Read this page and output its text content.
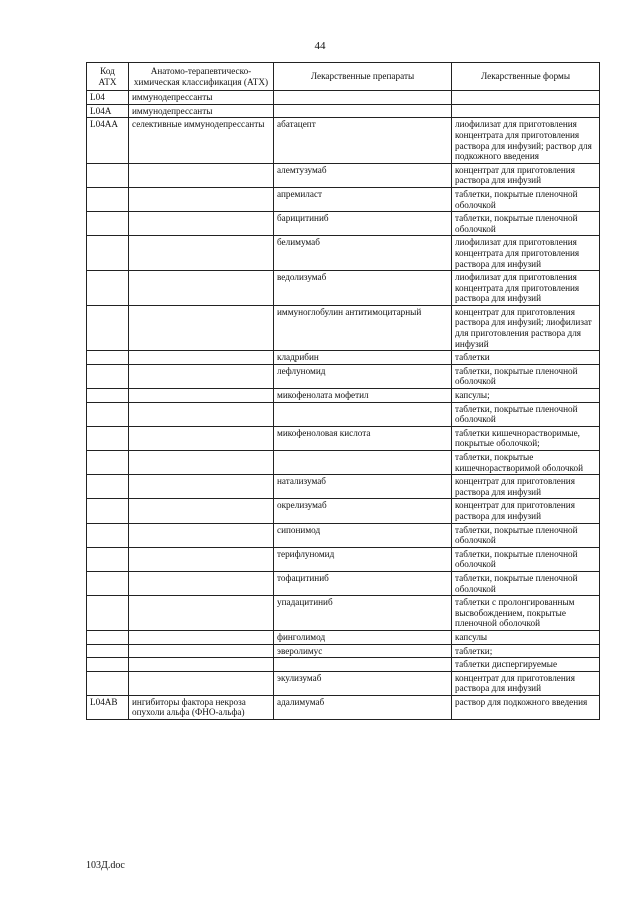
44
Код АТХ	Анатомо-терапевтическо-химическая классификация (АТХ)	Лекарственные препараты	Лекарственные формы
L04	иммунодепрессанты		
L04A	иммунодепрессанты		
L04AA	селективные иммунодепрессанты	абатацепт	лиофилизат для приготовления концентрата для приготовления раствора для инфузий; раствор для подкожного введения
		алемтузумаб	концентрат для приготовления раствора для инфузий
		апремиласт	таблетки, покрытые пленочной оболочкой
		барицитиниб	таблетки, покрытые пленочной оболочкой
		белимумаб	лиофилизат для приготовления концентрата для приготовления раствора для инфузий
		ведолизумаб	лиофилизат для приготовления концентрата для приготовления раствора для инфузий
		иммуноглобулин антитимоцитарный	концентрат для приготовления раствора для инфузий; лиофилизат для приготовления раствора для инфузий
		кладрибин	таблетки
		лефлуномид	таблетки, покрытые пленочной оболочкой
		микофенолата мофетил	капсулы;
			таблетки, покрытые пленочной оболочкой
		микофеноловая кислота	таблетки кишечнорастворимые, покрытые оболочкой;
			таблетки, покрытые кишечнорастворимой оболочкой
		натализумаб	концентрат для приготовления раствора для инфузий
		окрелизумаб	концентрат для приготовления раствора для инфузий
		сипонимод	таблетки, покрытые пленочной оболочкой
		терифлуномид	таблетки, покрытые пленочной оболочкой
		тофацитиниб	таблетки, покрытые пленочной оболочкой
		упадацитиниб	таблетки с пролонгированным высвобождением, покрытые пленочной оболочкой
		финголимод	капсулы
		эверолимус	таблетки;
			таблетки диспергируемые
		экулизумаб	концентрат для приготовления раствора для инфузий
L04AB	ингибиторы фактора некроза опухоли альфа (ФНО-альфа)	адалимумаб	раствор для подкожного введения
103Д.doc
